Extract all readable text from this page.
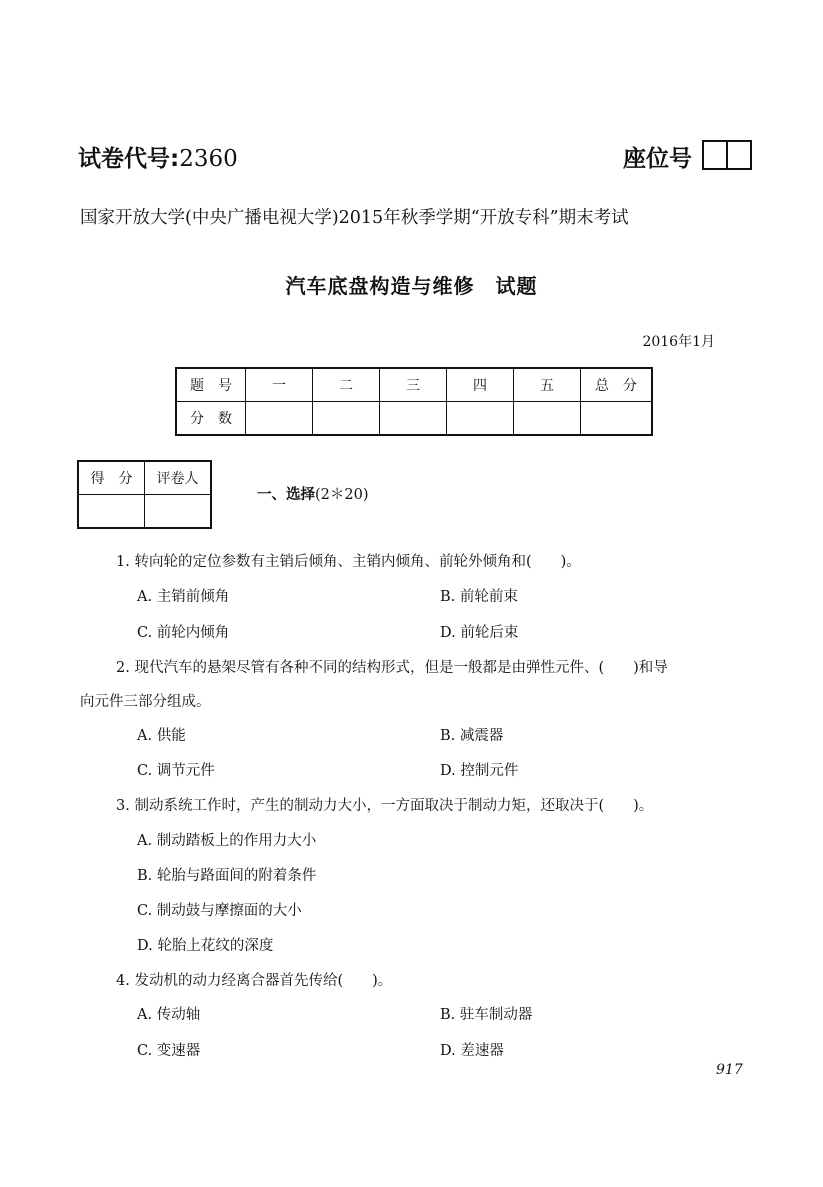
试卷代号:2360	座位号
国家开放大学(中央广播电视大学)2015年秋季学期“开放专科”期末考试
汽车底盘构造与维修　试题
2016年1月
题　号	一	二	三	四	五	总　分
分　数						
得　分	评卷人

一、选择(2＊20)
1. 转向轮的定位参数有主销后倾角、主销内倾角、前轮外倾角和(　　)。
A. 主销前倾角	B. 前轮前束
C. 前轮内倾角	D. 前轮后束
2. 现代汽车的悬架尽管有各种不同的结构形式，但是一般都是由弹性元件、(　　)和导
向元件三部分组成。
A. 供能	B. 减震器
C. 调节元件	D. 控制元件
3. 制动系统工作时，产生的制动力大小，一方面取决于制动力矩，还取决于(　　)。
A. 制动踏板上的作用力大小
B. 轮胎与路面间的附着条件
C. 制动鼓与摩擦面的大小
D. 轮胎上花纹的深度
4. 发动机的动力经离合器首先传给(　　)。
A. 传动轴	B. 驻车制动器
C. 变速器	D. 差速器
917
